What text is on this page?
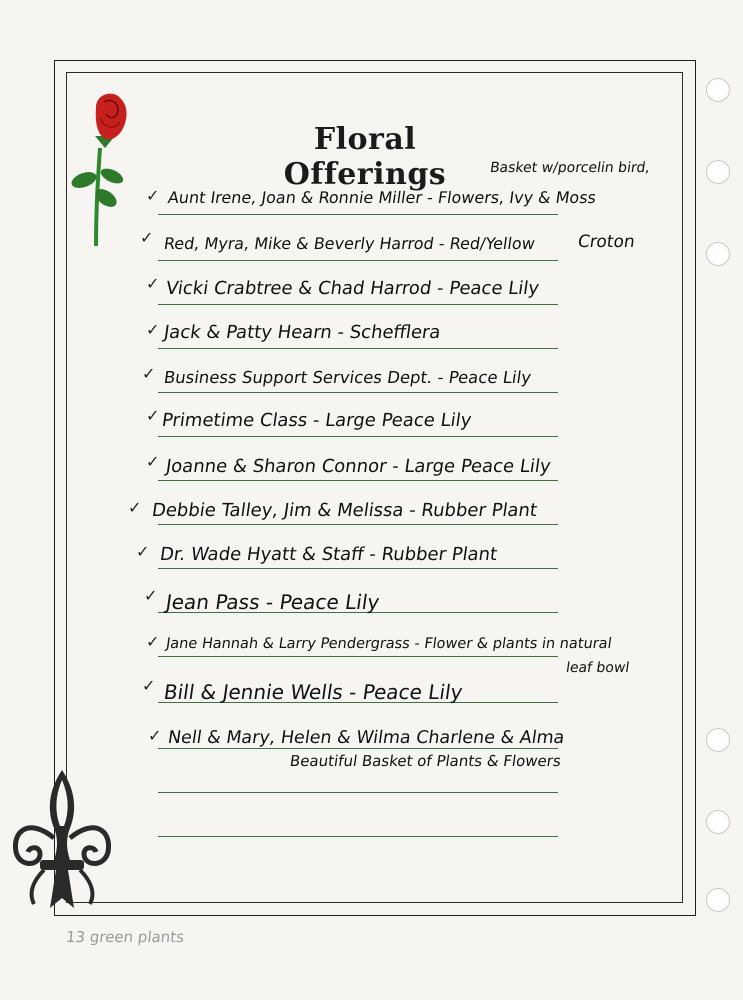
Floral Offerings
✓
✓
✓
✓
✓
✓
✓
✓
✓
✓
✓
✓
✓
Aunt Irene, Joan & Ronnie Miller - Flowers, Ivy & Moss
Basket w/porcelin bird,
Red, Myra, Mike & Beverly Harrod - Red/Yellow Croton
Vicki Crabtree & Chad Harrod - Peace Lily
Jack & Patty Hearn - Schefflera
Business Support Services Dept. - Peace Lily
Primetime Class - Large Peace Lily
Joanne & Sharon Connor - Large Peace Lily
Debbie Talley, Jim & Melissa - Rubber Plant
Dr. Wade Hyatt & Staff - Rubber Plant
Jean Pass - Peace Lily
Jane Hannah & Larry Pendergrass - Flower & plants in natural
leaf bowl
Bill & Jennie Wells - Peace Lily
Nell & Mary, Helen & Wilma Charlene & Alma
Beautiful Basket of Plants & Flowers
13 green plants
